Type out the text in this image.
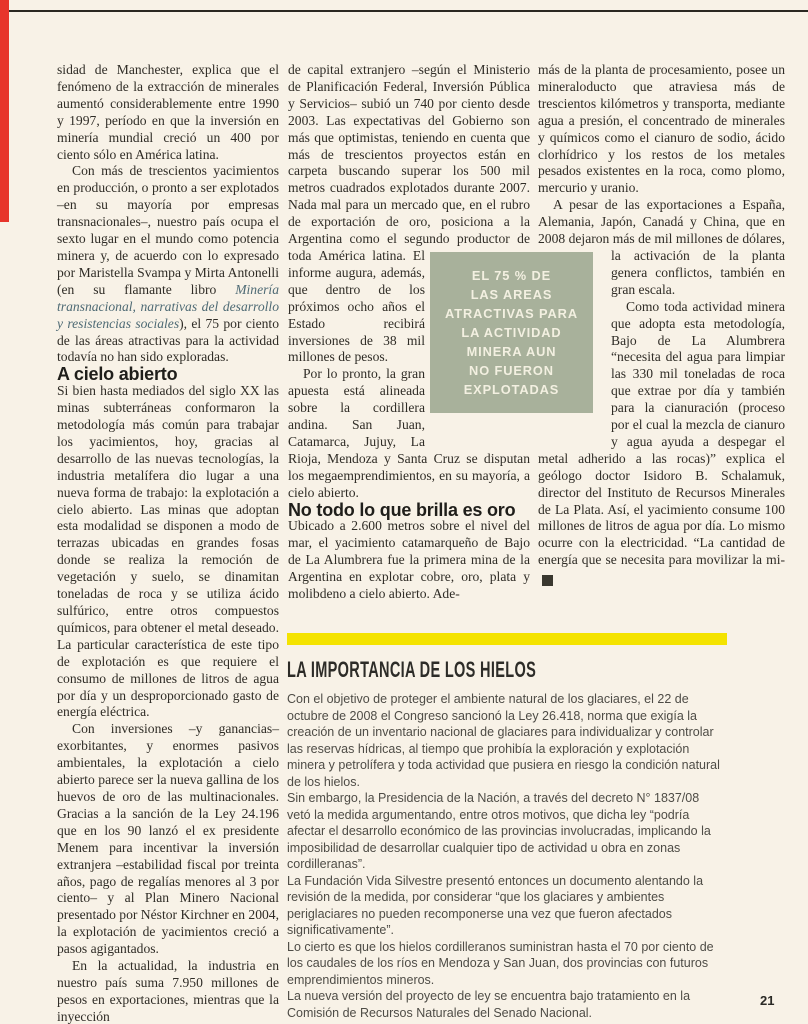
sidad de Manchester, explica que el fenómeno de la extracción de minerales aumentó considerablemente entre 1990 y 1997, período en que la inversión en minería mundial creció un 400 por ciento sólo en América latina.

Con más de trescientos yacimientos en producción, o pronto a ser explotados –en su mayoría por empresas transnacionales–, nuestro país ocupa el sexto lugar en el mundo como potencia minera y, de acuerdo con lo expresado por Maristella Svampa y Mirta Antonelli (en su flamante libro Minería transnacional, narrativas del desarrollo y resistencias sociales), el 75 por ciento de las áreas atractivas para la actividad todavía no han sido exploradas.

A cielo abierto

Si bien hasta mediados del siglo XX las minas subterráneas conformaron la metodología más común para trabajar los yacimientos, hoy, gracias al desarrollo de las nuevas tecnologías, la industria metalífera dio lugar a una nueva forma de trabajo: la explotación a cielo abierto. Las minas que adoptan esta modalidad se disponen a modo de terrazas ubicadas en grandes fosas donde se realiza la remoción de vegetación y suelo, se dinamitan toneladas de roca y se utiliza ácido sulfúrico, entre otros compuestos químicos, para obtener el metal deseado. La particular característica de este tipo de explotación es que requiere el consumo de millones de litros de agua por día y un desproporcionado gasto de energía eléctrica.

Con inversiones –y ganancias– exorbitantes, y enormes pasivos ambientales, la explotación a cielo abierto parece ser la nueva gallina de los huevos de oro de las multinacionales. Gracias a la sanción de la Ley 24.196 que en los 90 lanzó el ex presidente Menem para incentivar la inversión extranjera –estabilidad fiscal por treinta años, pago de regalías menores al 3 por ciento– y al Plan Minero Nacional presentado por Néstor Kirchner en 2004, la explotación de yacimientos creció a pasos agigantados.

En la actualidad, la industria en nuestro país suma 7.950 millones de pesos en exportaciones, mientras que la inyección

de capital extranjero –según el Ministerio de Planificación Federal, Inversión Pública y Servicios– subió un 740 por ciento desde 2003. Las expectativas del Gobierno son más que optimistas, teniendo en cuenta que más de trescientos proyectos están en carpeta buscando superar los 500 mil metros cuadrados explotados durante 2007. Nada mal para un mercado que, en el rubro de exportación de oro, posiciona a la Argentina como el segundo productor de toda
América latina. El informe augura, además, que dentro de los próximos ocho años el Estado recibirá inversiones de 38 mil millones de pesos.

Por lo pronto, la gran apuesta está alineada sobre la cordillera andina. San Juan, Catamarca, Jujuy, La Rioja, Mendoza y Santa Cruz se disputan los megaemprendimientos, en su mayoría, a cielo abierto.

No todo lo que brilla es oro

Ubicado a 2.600 metros sobre el nivel del mar, el yacimiento catamarqueño de Bajo de La Alumbrera fue la primera mina de la Argentina en explotar cobre, oro, plata y molibdeno a cielo abierto. Ade-

más de la planta de procesamiento, posee un mineraloducto que atraviesa más de trescientos kilómetros y transporta, mediante agua a presión, el concentrado de minerales y químicos como el cianuro de sodio, ácido clorhídrico y los restos de los metales pesados existentes en la roca, como plomo, mercurio y uranio.

A pesar de las exportaciones a España, Alemania, Japón, Canadá y China, que en 2008 dejaron más de mil millones
de dólares, la activación de la planta genera conflictos, también en gran escala.

Como toda actividad minera que adopta esta metodología, Bajo de La Alumbrera “necesita del agua para limpiar las 330 mil toneladas de roca que extrae por día y también para la cianuración (proceso por el cual la mezcla de cianuro y agua ayuda a despegar el metal adherido a las rocas)” explica el geólogo doctor Isidoro B. Schalamuk, director del Instituto de Recursos Minerales de La Plata. Así, el yacimiento consume 100 millones de litros de agua por día. Lo mismo ocurre con la electricidad. “La cantidad de energía que se necesita para movilizar la mi-+

EL 75 % DE
LAS AREAS
ATRACTIVAS PARA
LA ACTIVIDAD
MINERA AUN
NO FUERON
EXPLOTADAS
LA IMPORTANCIA DE LOS HIELOS

Con el objetivo de proteger el ambiente natural de los glaciares, el 22 de octubre de 2008 el Congreso sancionó la Ley 26.418, norma que exigía la creación de un inventario nacional de glaciares para individualizar y controlar las reservas hídricas, al tiempo que prohibía la exploración y explotación minera y petrolífera y toda actividad que pusiera en riesgo la condición natural de los hielos.

Sin embargo, la Presidencia de la Nación, a través del decreto N° 1837/08 vetó la medida argumentando, entre otros motivos, que dicha ley “podría afectar el desarrollo económico de las provincias involucradas, implicando la imposibilidad de desarrollar cualquier tipo de actividad u obra en zonas cordilleranas”.

La Fundación Vida Silvestre presentó entonces un documento alentando la revisión de la medida, por considerar “que los glaciares y ambientes periglaciares no pueden recomponerse una vez que fueron afectados significativamente”.

Lo cierto es que los hielos cordilleranos suministran hasta el 70 por ciento de los caudales de los ríos en Mendoza y San Juan, dos provincias con futuros emprendimientos mineros.

La nueva versión del proyecto de ley se encuentra bajo tratamiento en la Comisión de Recursos Naturales del Senado Nacional.

21
